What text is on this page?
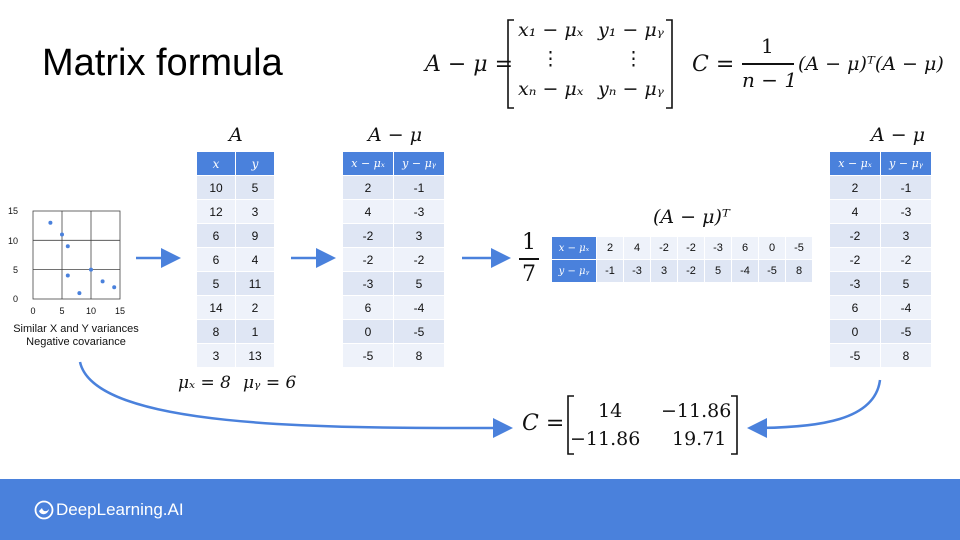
Matrix formula	A − μ =
x₁ − μₓ y₁ − μᵧ
⋮	⋮
xₙ − μₓ yₙ − μᵧ
C =
1
n − 1
(A − μ)ᵀ(A − μ)
0	5 10 15
0
5
10
15
Similar X and Y variances
Negative covariance
A
x	y
10	5
12	3
6	9
6	4
5	11
14	2
8	1
3	13
μₓ = 8 μᵧ = 6
A − μ
x − μₓ	y − μᵧ
2	-1
4	-3
-2	3
-2	-2
-3	5
6	-4
0	-5
-5	8
1
7
(A − μ)ᵀ
x − μₓ	2	4	-2	-2	-3	6	0	-5
y − μᵧ	-1	-3	3	-2	5	-4	-5	8
A − μ
x − μₓ	y − μᵧ
2	-1
4	-3
-2	3
-2	-2
-3	5
6	-4
0	-5
-5	8
C = 14 −11.86
−11.86 19.71
DeepLearning.AI
